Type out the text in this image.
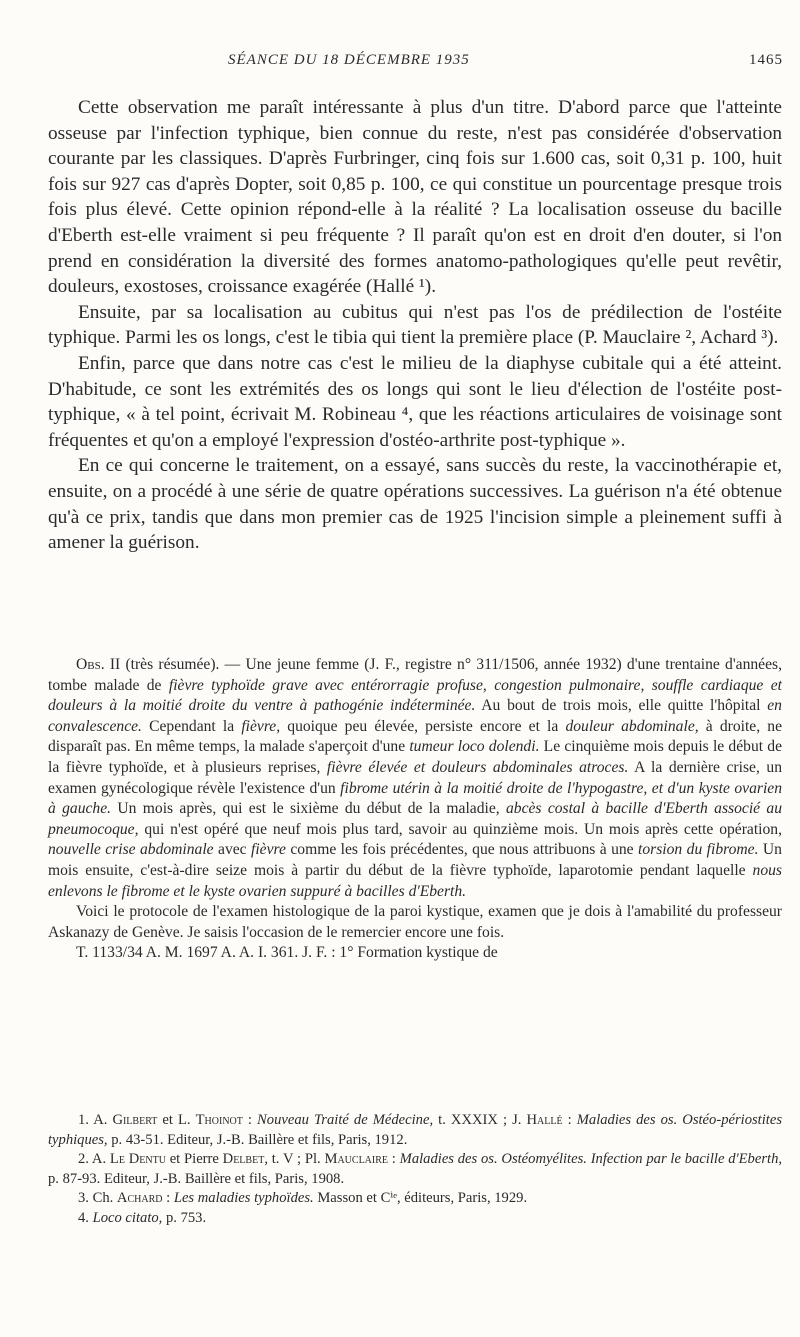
SÉANCE DU 18 DÉCEMBRE 1935	1465

Cette observation me paraît intéressante à plus d'un titre. D'abord parce que l'atteinte osseuse par l'infection typhique, bien connue du reste, n'est pas considérée d'observation courante par les classiques. D'après Furbringer, cinq fois sur 1.600 cas, soit 0,31 p. 100, huit fois sur 927 cas d'après Dopter, soit 0,85 p. 100, ce qui constitue un pourcentage presque trois fois plus élevé. Cette opinion répond-elle à la réalité ? La localisation osseuse du bacille d'Eberth est-elle vraiment si peu fréquente ? Il paraît qu'on est en droit d'en douter, si l'on prend en considération la diversité des formes anatomo-pathologiques qu'elle peut revêtir, douleurs, exostoses, croissance exagérée (Hallé ¹).

Ensuite, par sa localisation au cubitus qui n'est pas l'os de prédilection de l'ostéite typhique. Parmi les os longs, c'est le tibia qui tient la première place (P. Mauclaire ², Achard ³).

Enfin, parce que dans notre cas c'est le milieu de la diaphyse cubitale qui a été atteint. D'habitude, ce sont les extrémités des os longs qui sont le lieu d'élection de l'ostéite post-typhique, « à tel point, écrivait M. Robineau ⁴, que les réactions articulaires de voisinage sont fréquentes et qu'on a employé l'expression d'ostéo-arthrite post-typhique ».

En ce qui concerne le traitement, on a essayé, sans succès du reste, la vaccinothérapie et, ensuite, on a procédé à une série de quatre opérations successives. La guérison n'a été obtenue qu'à ce prix, tandis que dans mon premier cas de 1925 l'incision simple a pleinement suffi à amener la guérison.

Obs. II (très résumée). — Une jeune femme (J. F., registre n° 311/1506, année 1932) d'une trentaine d'années, tombe malade de fièvre typhoïde grave avec entérorragie profuse, congestion pulmonaire, souffle cardiaque et douleurs à la moitié droite du ventre à pathogénie indéterminée. Au bout de trois mois, elle quitte l'hôpital en convalescence. Cependant la fièvre, quoique peu élevée, persiste encore et la douleur abdominale, à droite, ne disparaît pas. En même temps, la malade s'aperçoit d'une tumeur loco dolendi. Le cinquième mois depuis le début de la fièvre typhoïde, et à plusieurs reprises, fièvre élevée et douleurs abdominales atroces. A la dernière crise, un examen gynécologique révèle l'existence d'un fibrome utérin à la moitié droite de l'hypogastre, et d'un kyste ovarien à gauche. Un mois après, qui est le sixième du début de la maladie, abcès costal à bacille d'Eberth associé au pneumocoque, qui n'est opéré que neuf mois plus tard, savoir au quinzième mois. Un mois après cette opération, nouvelle crise abdominale avec fièvre comme les fois précédentes, que nous attribuons à une torsion du fibrome. Un mois ensuite, c'est-à-dire seize mois à partir du début de la fièvre typhoïde, laparotomie pendant laquelle nous enlevons le fibrome et le kyste ovarien suppuré à bacilles d'Eberth.

Voici le protocole de l'examen histologique de la paroi kystique, examen que je dois à l'amabilité du professeur Askanazy de Genève. Je saisis l'occasion de le remercier encore une fois.

T. 1133/34 A. M. 1697 A. A. I. 361. J. F. : 1° Formation kystique de

1. A. Gilbert et L. Thoinot : Nouveau Traité de Médecine, t. XXXIX ; J. Hallé : Maladies des os. Ostéo-périostites typhiques, p. 43-51. Editeur, J.-B. Baillère et fils, Paris, 1912.

2. A. Le Dentu et Pierre Delbet, t. V ; Pl. Mauclaire : Maladies des os. Ostéomyélites. Infection par le bacille d'Eberth, p. 87-93. Editeur, J.-B. Baillère et fils, Paris, 1908.

3. Ch. Achard : Les maladies typhoïdes. Masson et Cⁱᵉ, éditeurs, Paris, 1929.

4. Loco citato, p. 753.
